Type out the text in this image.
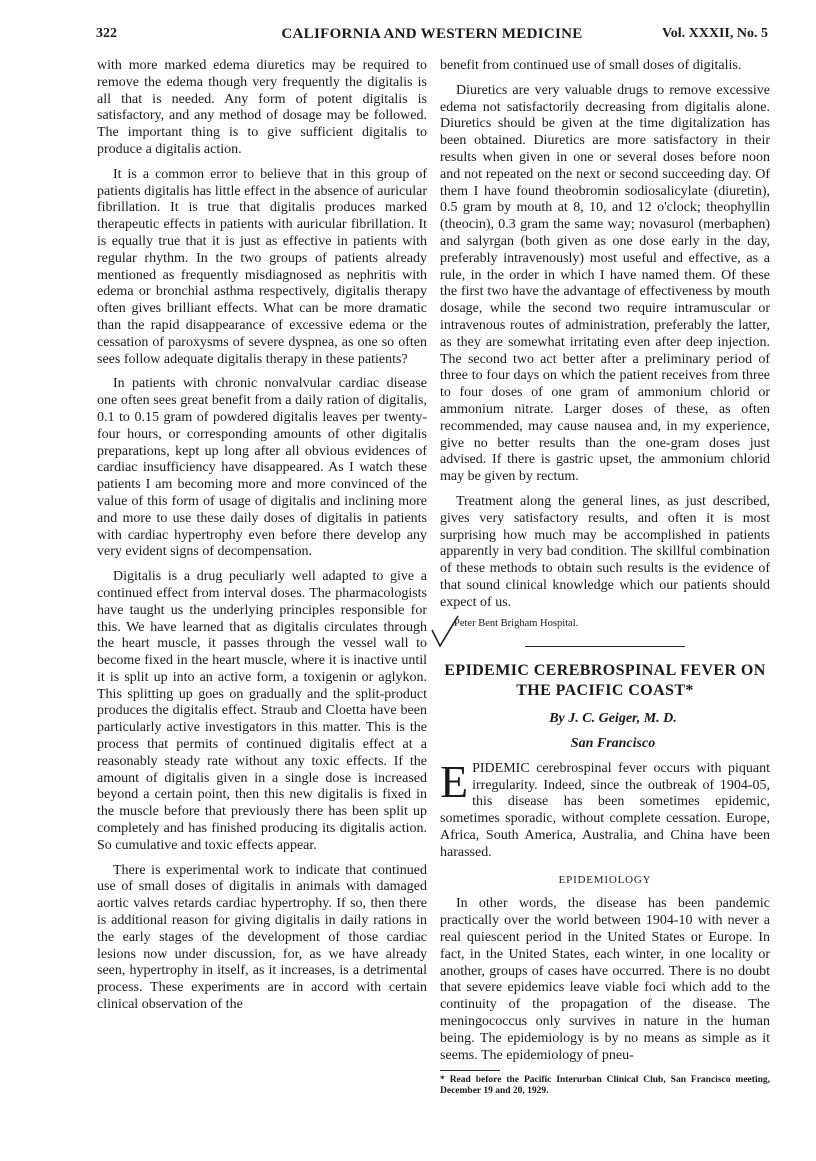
322	CALIFORNIA AND WESTERN MEDICINE	Vol. XXXII, No. 5

with more marked edema diuretics may be required to remove the edema though very frequently the digitalis is all that is needed. Any form of potent digitalis is satisfactory, and any method of dosage may be followed. The important thing is to give sufficient digitalis to produce a digitalis action.

It is a common error to believe that in this group of patients digitalis has little effect in the absence of auricular fibrillation. It is true that digitalis produces marked therapeutic effects in patients with auricular fibrillation. It is equally true that it is just as effective in patients with regular rhythm. In the two groups of patients already mentioned as frequently misdiagnosed as nephritis with edema or bronchial asthma respectively, digitalis therapy often gives brilliant effects. What can be more dramatic than the rapid disappearance of excessive edema or the cessation of paroxysms of severe dyspnea, as one so often sees follow adequate digitalis therapy in these patients?

In patients with chronic nonvalvular cardiac disease one often sees great benefit from a daily ration of digitalis, 0.1 to 0.15 gram of powdered digitalis leaves per twenty-four hours, or corresponding amounts of other digitalis preparations, kept up long after all obvious evidences of cardiac insufficiency have disappeared. As I watch these patients I am becoming more and more convinced of the value of this form of usage of digitalis and inclining more and more to use these daily doses of digitalis in patients with cardiac hypertrophy even before there develop any very evident signs of decompensation.

Digitalis is a drug peculiarly well adapted to give a continued effect from interval doses. The pharmacologists have taught us the underlying principles responsible for this. We have learned that as digitalis circulates through the heart muscle, it passes through the vessel wall to become fixed in the heart muscle, where it is inactive until it is split up into an active form, a toxigenin or aglykon. This splitting up goes on gradually and the split-product produces the digitalis effect. Straub and Cloetta have been particularly active investigators in this matter. This is the process that permits of continued digitalis effect at a reasonably steady rate without any toxic effects. If the amount of digitalis given in a single dose is increased beyond a certain point, then this new digitalis is fixed in the muscle before that previously there has been split up completely and has finished producing its digitalis action. So cumulative and toxic effects appear.

There is experimental work to indicate that continued use of small doses of digitalis in animals with damaged aortic valves retards cardiac hypertrophy. If so, then there is additional reason for giving digitalis in daily rations in the early stages of the development of those cardiac lesions now under discussion, for, as we have already seen, hypertrophy in itself, as it increases, is a detrimental process. These experiments are in accord with certain clinical observation of the

benefit from continued use of small doses of digitalis.

Diuretics are very valuable drugs to remove excessive edema not satisfactorily decreasing from digitalis alone. Diuretics should be given at the time digitalization has been obtained. Diuretics are more satisfactory in their results when given in one or several doses before noon and not repeated on the next or second succeeding day. Of them I have found theobromin sodiosalicylate (diuretin), 0.5 gram by mouth at 8, 10, and 12 o'clock; theophyllin (theocin), 0.3 gram the same way; novasurol (merbaphen) and salyrgan (both given as one dose early in the day, preferably intravenously) most useful and effective, as a rule, in the order in which I have named them. Of these the first two have the advantage of effectiveness by mouth dosage, while the second two require intramuscular or intravenous routes of administration, preferably the latter, as they are somewhat irritating even after deep injection. The second two act better after a preliminary period of three to four days on which the patient receives from three to four doses of one gram of ammonium chlorid or ammonium nitrate. Larger doses of these, as often recommended, may cause nausea and, in my experience, give no better results than the one-gram doses just advised. If there is gastric upset, the ammonium chlorid may be given by rectum.

Treatment along the general lines, as just described, gives very satisfactory results, and often it is most surprising how much may be accomplished in patients apparently in very bad condition. The skillful combination of these methods to obtain such results is the evidence of that sound clinical knowledge which our patients should expect of us.

Peter Bent Brigham Hospital.
EPIDEMIC CEREBROSPINAL FEVER ON THE PACIFIC COAST*

By J. C. Geiger, M. D.

San Francisco

EPIDEMIC cerebrospinal fever occurs with piquant irregularity. Indeed, since the outbreak of 1904-05, this disease has been sometimes epidemic, sometimes sporadic, without complete cessation. Europe, Africa, South America, Australia, and China have been harassed.

EPIDEMIOLOGY

In other words, the disease has been pandemic practically over the world between 1904-10 with never a real quiescent period in the United States or Europe. In fact, in the United States, each winter, in one locality or another, groups of cases have occurred. There is no doubt that severe epidemics leave viable foci which add to the continuity of the propagation of the disease. The meningococcus only survives in nature in the human being. The epidemiology is by no means as simple as it seems. The epidemiology of pneu-

* Read before the Pacific Interurban Clinical Club, San Francisco meeting, December 19 and 20, 1929.
